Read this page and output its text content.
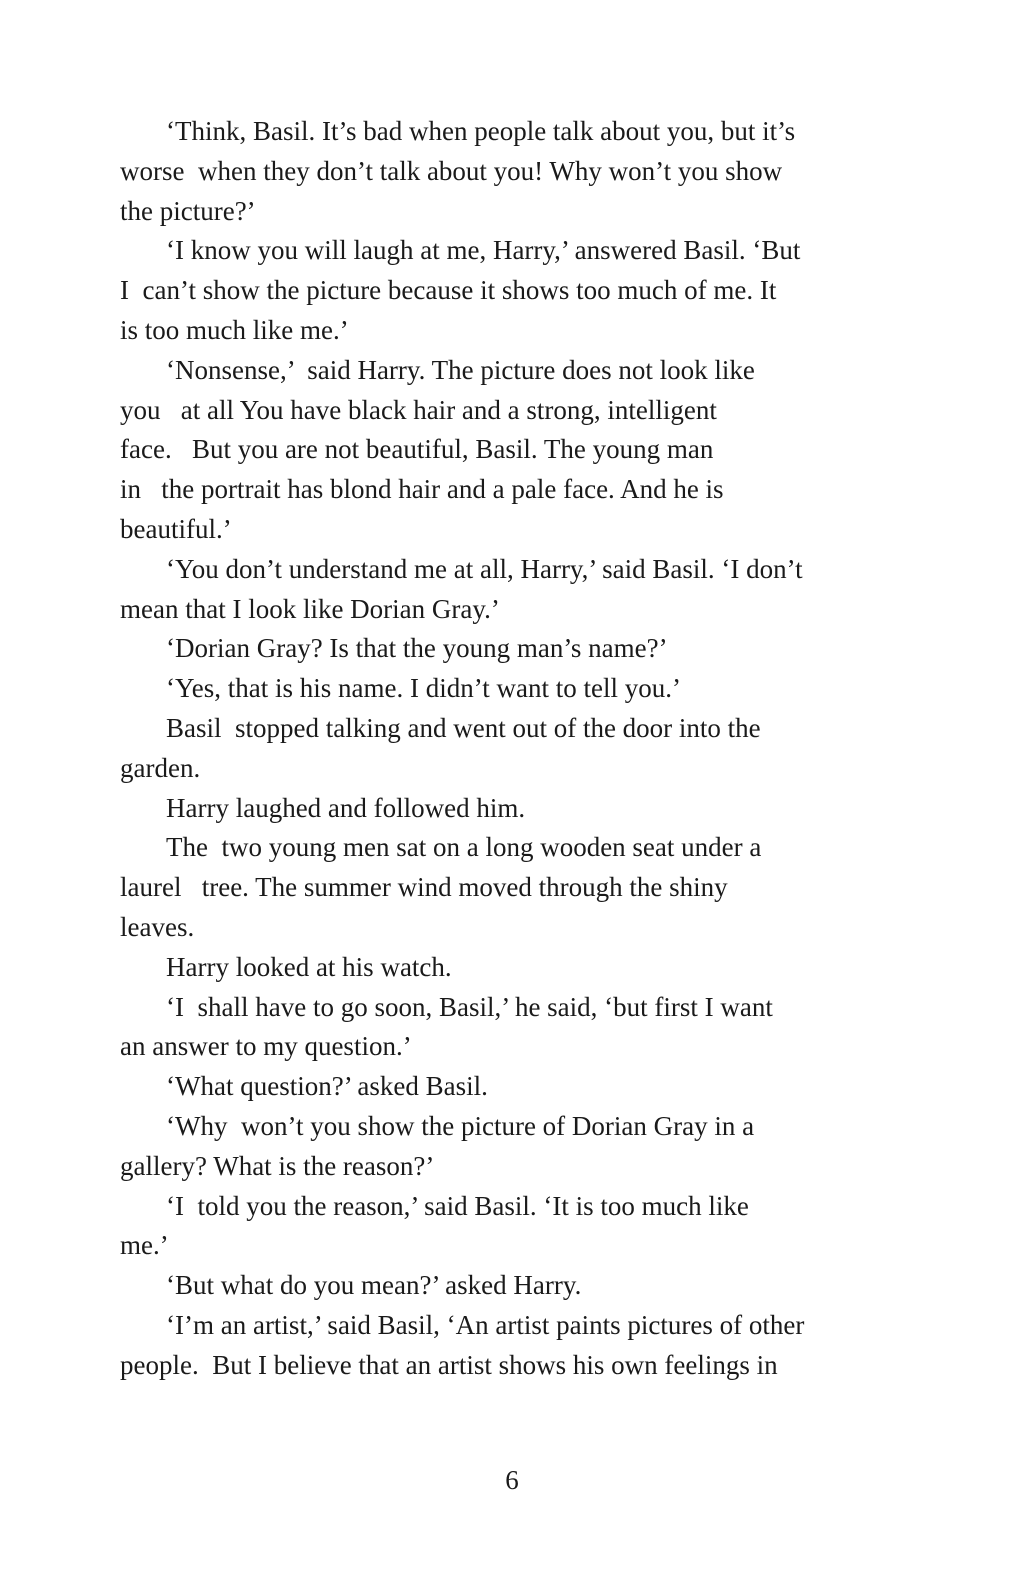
‘Think, Basil. It’s bad when people talk about you, but it’s
worse  when they don’t talk about you! Why won’t you show
the picture?’
‘I know you will laugh at me, Harry,’ answered Basil. ‘But
I  can’t show the picture because it shows too much of me. It
is too much like me.’
‘Nonsense,’  said Harry. The picture does not look like
you   at all You have black hair and a strong, intelligent
face.   But you are not beautiful, Basil. The young man
in   the portrait has blond hair and a pale face. And he is
beautiful.’
‘You don’t understand me at all, Harry,’ said Basil. ‘I don’t
mean that I look like Dorian Gray.’
‘Dorian Gray? Is that the young man’s name?’
‘Yes, that is his name. I didn’t want to tell you.’
Basil  stopped talking and went out of the door into the
garden.
Harry laughed and followed him.
The  two young men sat on a long wooden seat under a
laurel   tree. The summer wind moved through the shiny
leaves.
Harry looked at his watch.
‘I  shall have to go soon, Basil,’ he said, ‘but first I want
an answer to my question.’
‘What question?’ asked Basil.
‘Why  won’t you show the picture of Dorian Gray in a
gallery? What is the reason?’
‘I  told you the reason,’ said Basil. ‘It is too much like
me.’
‘But what do you mean?’ asked Harry.
‘I’m an artist,’ said Basil, ‘An artist paints pictures of other
people.  But I believe that an artist shows his own feelings in
6
